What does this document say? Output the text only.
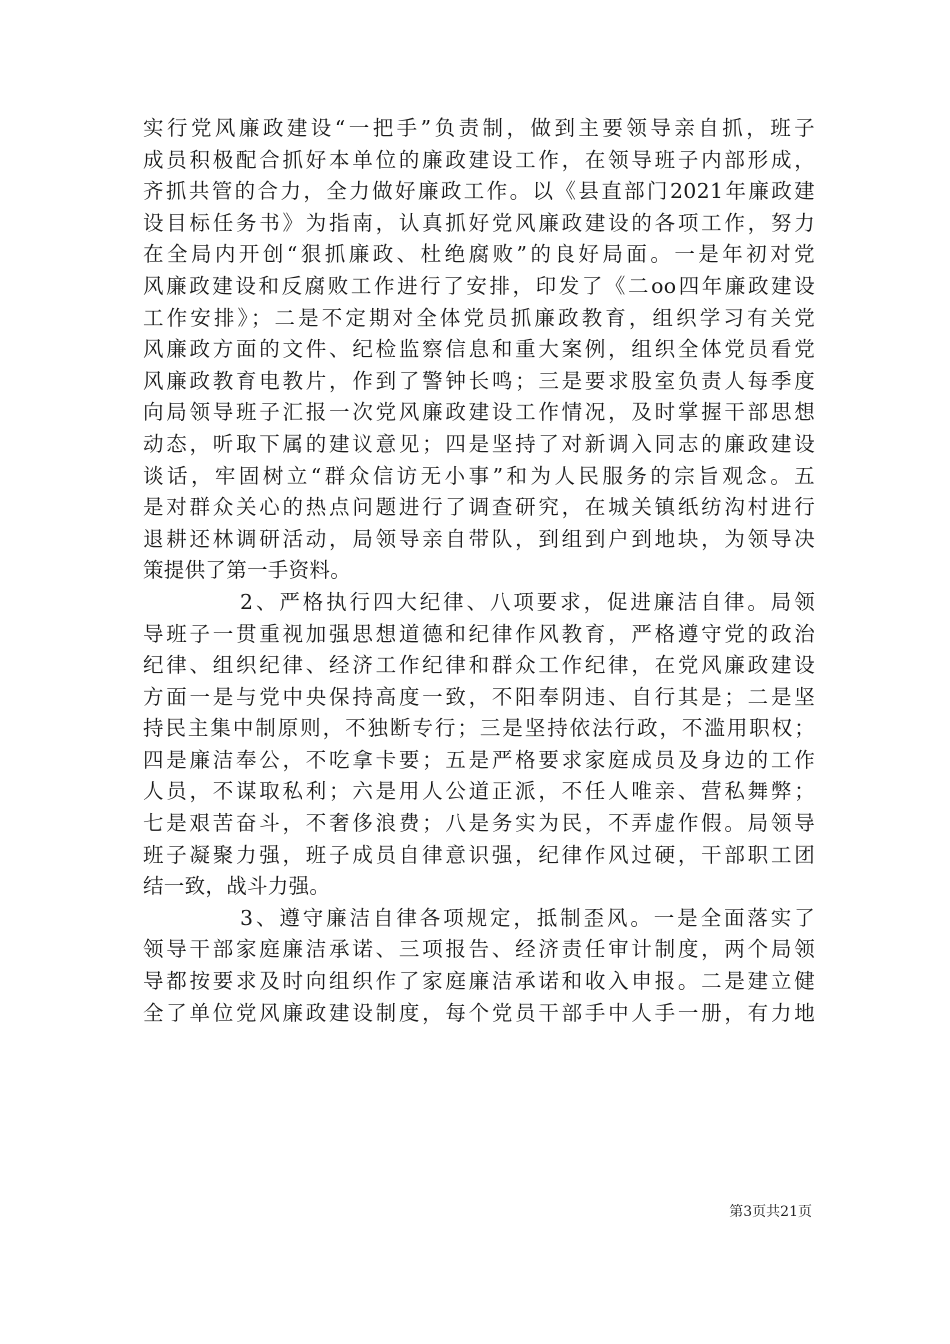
实行党风廉政建设“一把手”负责制，做到主要领导亲自抓，班子
成员积极配合抓好本单位的廉政建设工作，在领导班子内部形成，
齐抓共管的合力，全力做好廉政工作。以《县直部门2021年廉政建
设目标任务书》为指南，认真抓好党风廉政建设的各项工作，努力
在全局内开创“狠抓廉政、杜绝腐败”的良好局面。一是年初对党
风廉政建设和反腐败工作进行了安排，印发了《二oo四年廉政建设
工作安排》；二是不定期对全体党员抓廉政教育，组织学习有关党
风廉政方面的文件、纪检监察信息和重大案例，组织全体党员看党
风廉政教育电教片，作到了警钟长鸣；三是要求股室负责人每季度
向局领导班子汇报一次党风廉政建设工作情况，及时掌握干部思想
动态，听取下属的建议意见；四是坚持了对新调入同志的廉政建设
谈话，牢固树立“群众信访无小事”和为人民服务的宗旨观念。五
是对群众关心的热点问题进行了调查研究，在城关镇纸纺沟村进行
退耕还林调研活动，局领导亲自带队，到组到户到地块，为领导决
策提供了第一手资料。
2、严格执行四大纪律、八项要求，促进廉洁自律。局领
导班子一贯重视加强思想道德和纪律作风教育，严格遵守党的政治
纪律、组织纪律、经济工作纪律和群众工作纪律，在党风廉政建设
方面一是与党中央保持高度一致，不阳奉阴违、自行其是；二是坚
持民主集中制原则，不独断专行；三是坚持依法行政，不滥用职权；
四是廉洁奉公，不吃拿卡要；五是严格要求家庭成员及身边的工作
人员，不谋取私利；六是用人公道正派，不任人唯亲、营私舞弊；
七是艰苦奋斗，不奢侈浪费；八是务实为民，不弄虚作假。局领导
班子凝聚力强，班子成员自律意识强，纪律作风过硬，干部职工团
结一致，战斗力强。
3、遵守廉洁自律各项规定，抵制歪风。一是全面落实了
领导干部家庭廉洁承诺、三项报告、经济责任审计制度，两个局领
导都按要求及时向组织作了家庭廉洁承诺和收入申报。二是建立健
全了单位党风廉政建设制度，每个党员干部手中人手一册，有力地
第3页共21页
